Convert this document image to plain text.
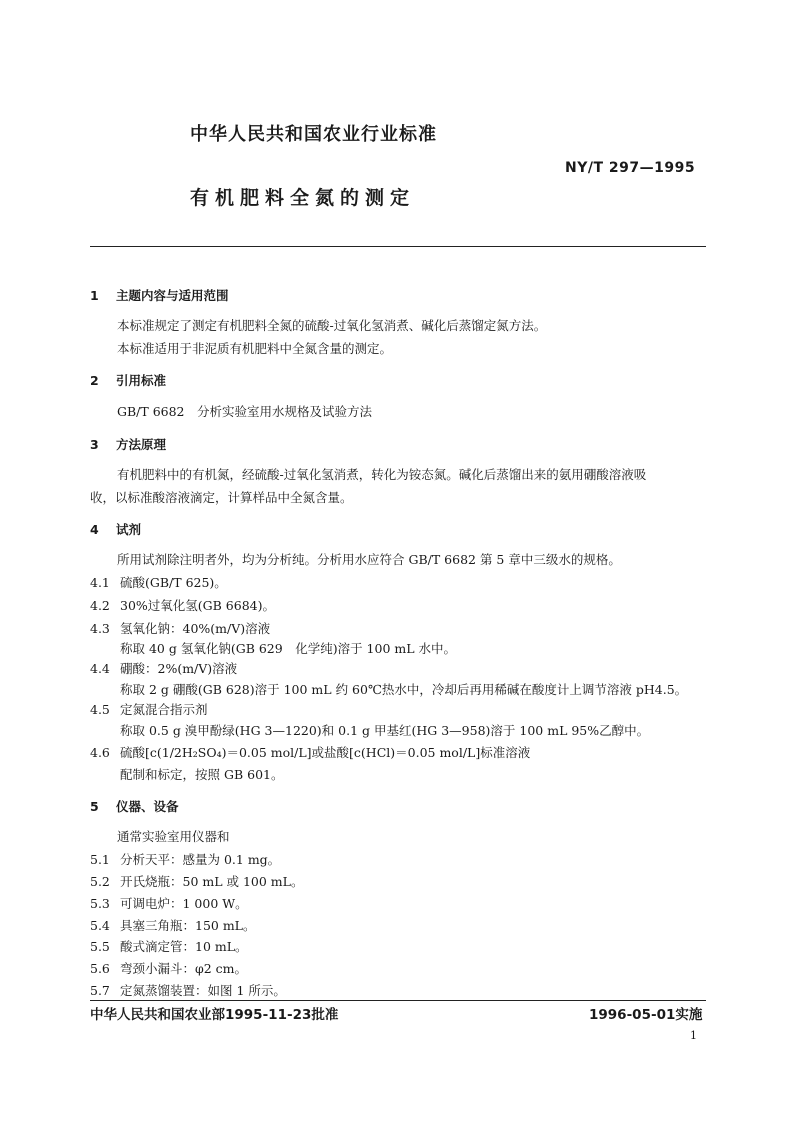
中华人民共和国农业行业标准
NY/T 297—1995
有机肥料全氮的测定
1 主题内容与适用范围
本标准规定了测定有机肥料全氮的硫酸-过氧化氢消煮、碱化后蒸馏定氮方法。
本标准适用于非泥质有机肥料中全氮含量的测定。
2 引用标准
GB/T 6682　分析实验室用水规格及试验方法
3 方法原理
有机肥料中的有机氮，经硫酸-过氧化氢消煮，转化为铵态氮。碱化后蒸馏出来的氨用硼酸溶液吸
收，以标准酸溶液滴定，计算样品中全氮含量。
4 试剂
所用试剂除注明者外，均为分析纯。分析用水应符合 GB/T 6682 第 5 章中三级水的规格。
4.1 硫酸(GB/T 625)。
4.2 30%过氧化氢(GB 6684)。
4.3 氢氧化钠：40%(m/V)溶液
称取 40 g 氢氧化钠(GB 629　化学纯)溶于 100 mL 水中。
4.4 硼酸：2%(m/V)溶液
称取 2 g 硼酸(GB 628)溶于 100 mL 约 60℃热水中，冷却后再用稀碱在酸度计上调节溶液 pH4.5。
4.5 定氮混合指示剂
称取 0.5 g 溴甲酚绿(HG 3—1220)和 0.1 g 甲基红(HG 3—958)溶于 100 mL 95%乙醇中。
4.6 硫酸[c(1/2H₂SO₄)＝0.05 mol/L]或盐酸[c(HCl)＝0.05 mol/L]标准溶液
配制和标定，按照 GB 601。
5 仪器、设备
通常实验室用仪器和
5.1 分析天平：感量为 0.1 mg。
5.2 开氏烧瓶：50 mL 或 100 mL。
5.3 可调电炉：1 000 W。
5.4 具塞三角瓶：150 mL。
5.5 酸式滴定管：10 mL。
5.6 弯颈小漏斗：φ2 cm。
5.7 定氮蒸馏装置：如图 1 所示。
中华人民共和国农业部1995-11-23批准	1996-05-01实施
1
